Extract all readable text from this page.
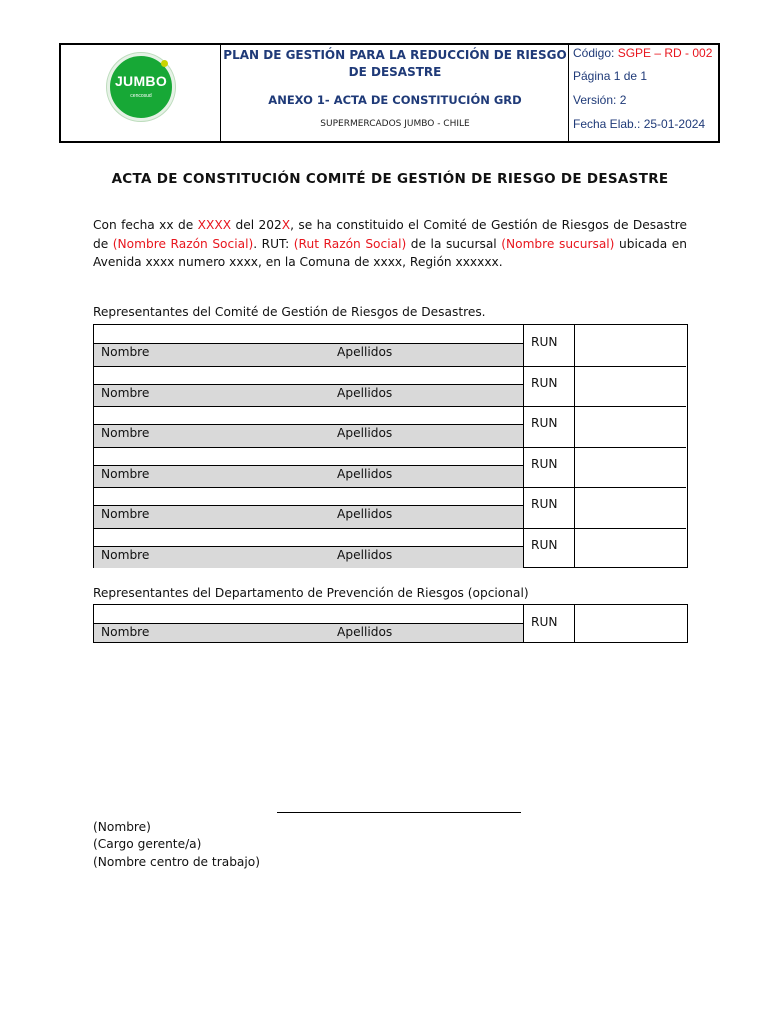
JUMBO
cencosud
PLAN DE GESTIÓN PARA LA REDUCCIÓN DE RIESGO DE DESASTRE
ANEXO 1- ACTA DE CONSTITUCIÓN GRD
SUPERMERCADOS JUMBO - CHILE
Código: SGPE – RD - 002
Página 1 de 1
Versión: 2
Fecha Elab.: 25-01-2024
ACTA DE CONSTITUCIÓN COMITÉ DE GESTIÓN DE RIESGO DE DESASTRE
Con fecha xx de XXXX del 202X, se ha constituido el Comité de Gestión de Riesgos de Desastre de (Nombre Razón Social). RUT: (Rut Razón Social) de la sucursal (Nombre sucursal) ubicada en Avenida xxxx numero xxxx, en la Comuna de xxxx, Región xxxxxx.
Representantes del Comité de Gestión de Riesgos de Desastres.
Nombre	Apellidos
RUN
Nombre	Apellidos
RUN
Nombre	Apellidos
RUN
Nombre	Apellidos
RUN
Nombre	Apellidos
RUN
Nombre	Apellidos
RUN
Representantes del Departamento de Prevención de Riesgos (opcional)
Nombre	Apellidos
RUN
(Nombre)
(Cargo gerente/a)
(Nombre centro de trabajo)
